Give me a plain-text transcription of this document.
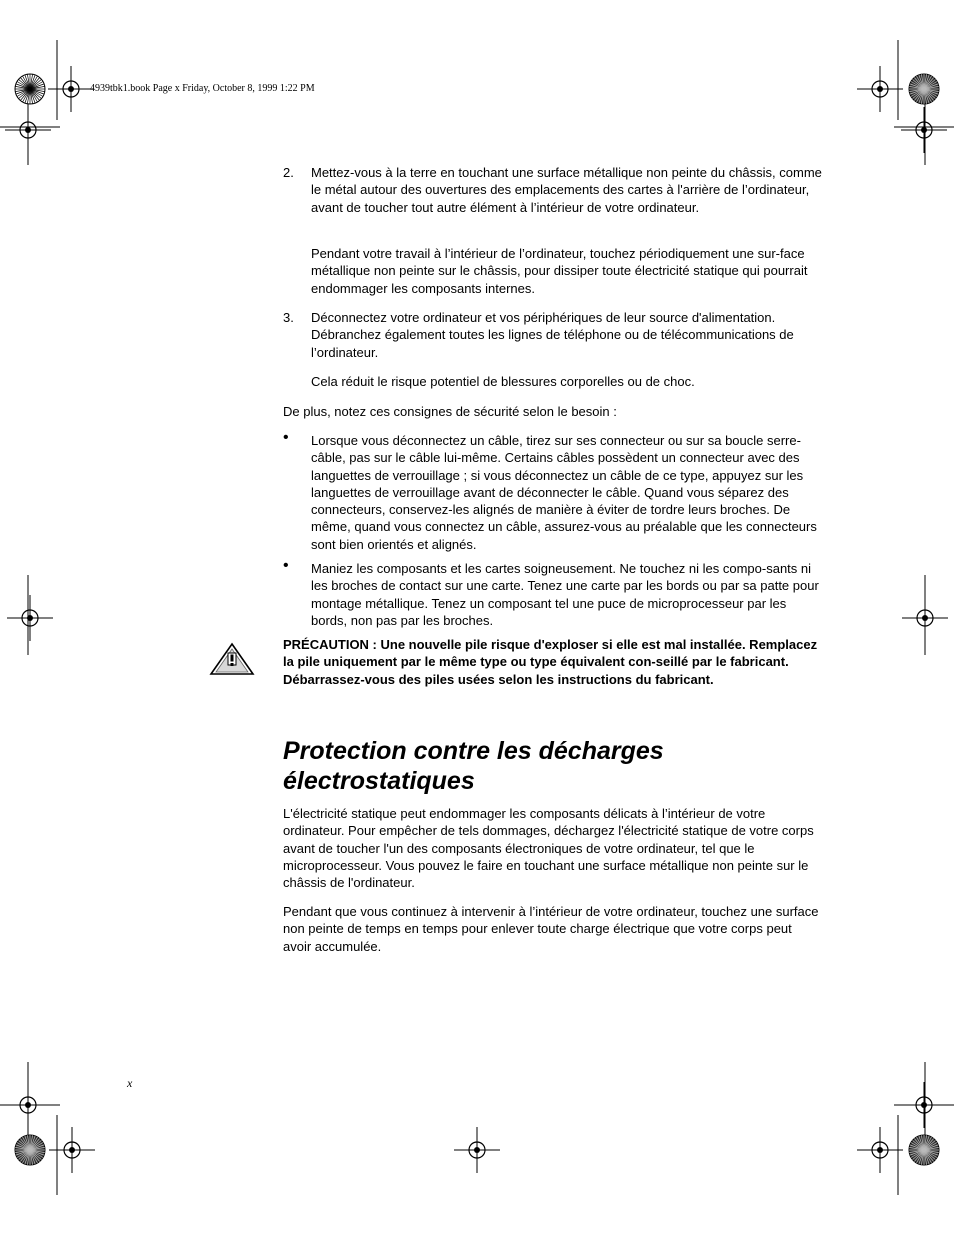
4939tbk1.book Page x Friday, October 8, 1999 1:22 PM
2. Mettez-vous à la terre en touchant une surface métallique non peinte du châssis, comme le métal autour des ouvertures des emplacements des cartes à l'arrière de l’ordinateur, avant de toucher tout autre élément à l’intérieur de votre ordinateur.
Pendant votre travail à l’intérieur de l’ordinateur, touchez périodiquement une sur-face métallique non peinte sur le châssis, pour dissiper toute électricité statique qui pourrait endommager les composants internes.
3. Déconnectez votre ordinateur et vos périphériques de leur source d'alimentation. Débranchez également toutes les lignes de téléphone ou de télécommunications de l’ordinateur.
Cela réduit le risque potentiel de blessures corporelles ou de choc.
De plus, notez ces consignes de sécurité selon le besoin :
• Lorsque vous déconnectez un câble, tirez sur ses connecteur ou sur sa boucle serre-câble, pas sur le câble lui-même. Certains câbles possèdent un connecteur avec des languettes de verrouillage ; si vous déconnectez un câble de ce type, appuyez sur les languettes de verrouillage avant de déconnecter le câble. Quand vous séparez des connecteurs, conservez-les alignés de manière à éviter de tordre leurs broches. De même, quand vous connectez un câble, assurez-vous au préalable que les connecteurs sont bien orientés et alignés.
• Maniez les composants et les cartes soigneusement. Ne touchez ni les compo-sants ni les broches de contact sur une carte. Tenez une carte par les bords ou par sa patte pour montage métallique. Tenez un composant tel une puce de microprocesseur par les bords, non pas par les broches.
PRÉCAUTION : Une nouvelle pile risque d'exploser si elle est mal installée. Remplacez la pile uniquement par le même type ou type équivalent con-seillé par le fabricant. Débarrassez-vous des piles usées selon les instructions du fabricant.
Protection contre les décharges
électrostatiques
L'électricité statique peut endommager les composants délicats à l’intérieur de votre ordinateur. Pour empêcher de tels dommages, déchargez l'électricité statique de votre corps avant de toucher l'un des composants électroniques de votre ordinateur, tel que le microprocesseur. Vous pouvez le faire en touchant une surface métallique non peinte sur le châssis de l'ordinateur.
Pendant que vous continuez à intervenir à l’intérieur de votre ordinateur, touchez une surface non peinte de temps en temps pour enlever toute charge électrique que votre corps peut avoir accumulée.
x
